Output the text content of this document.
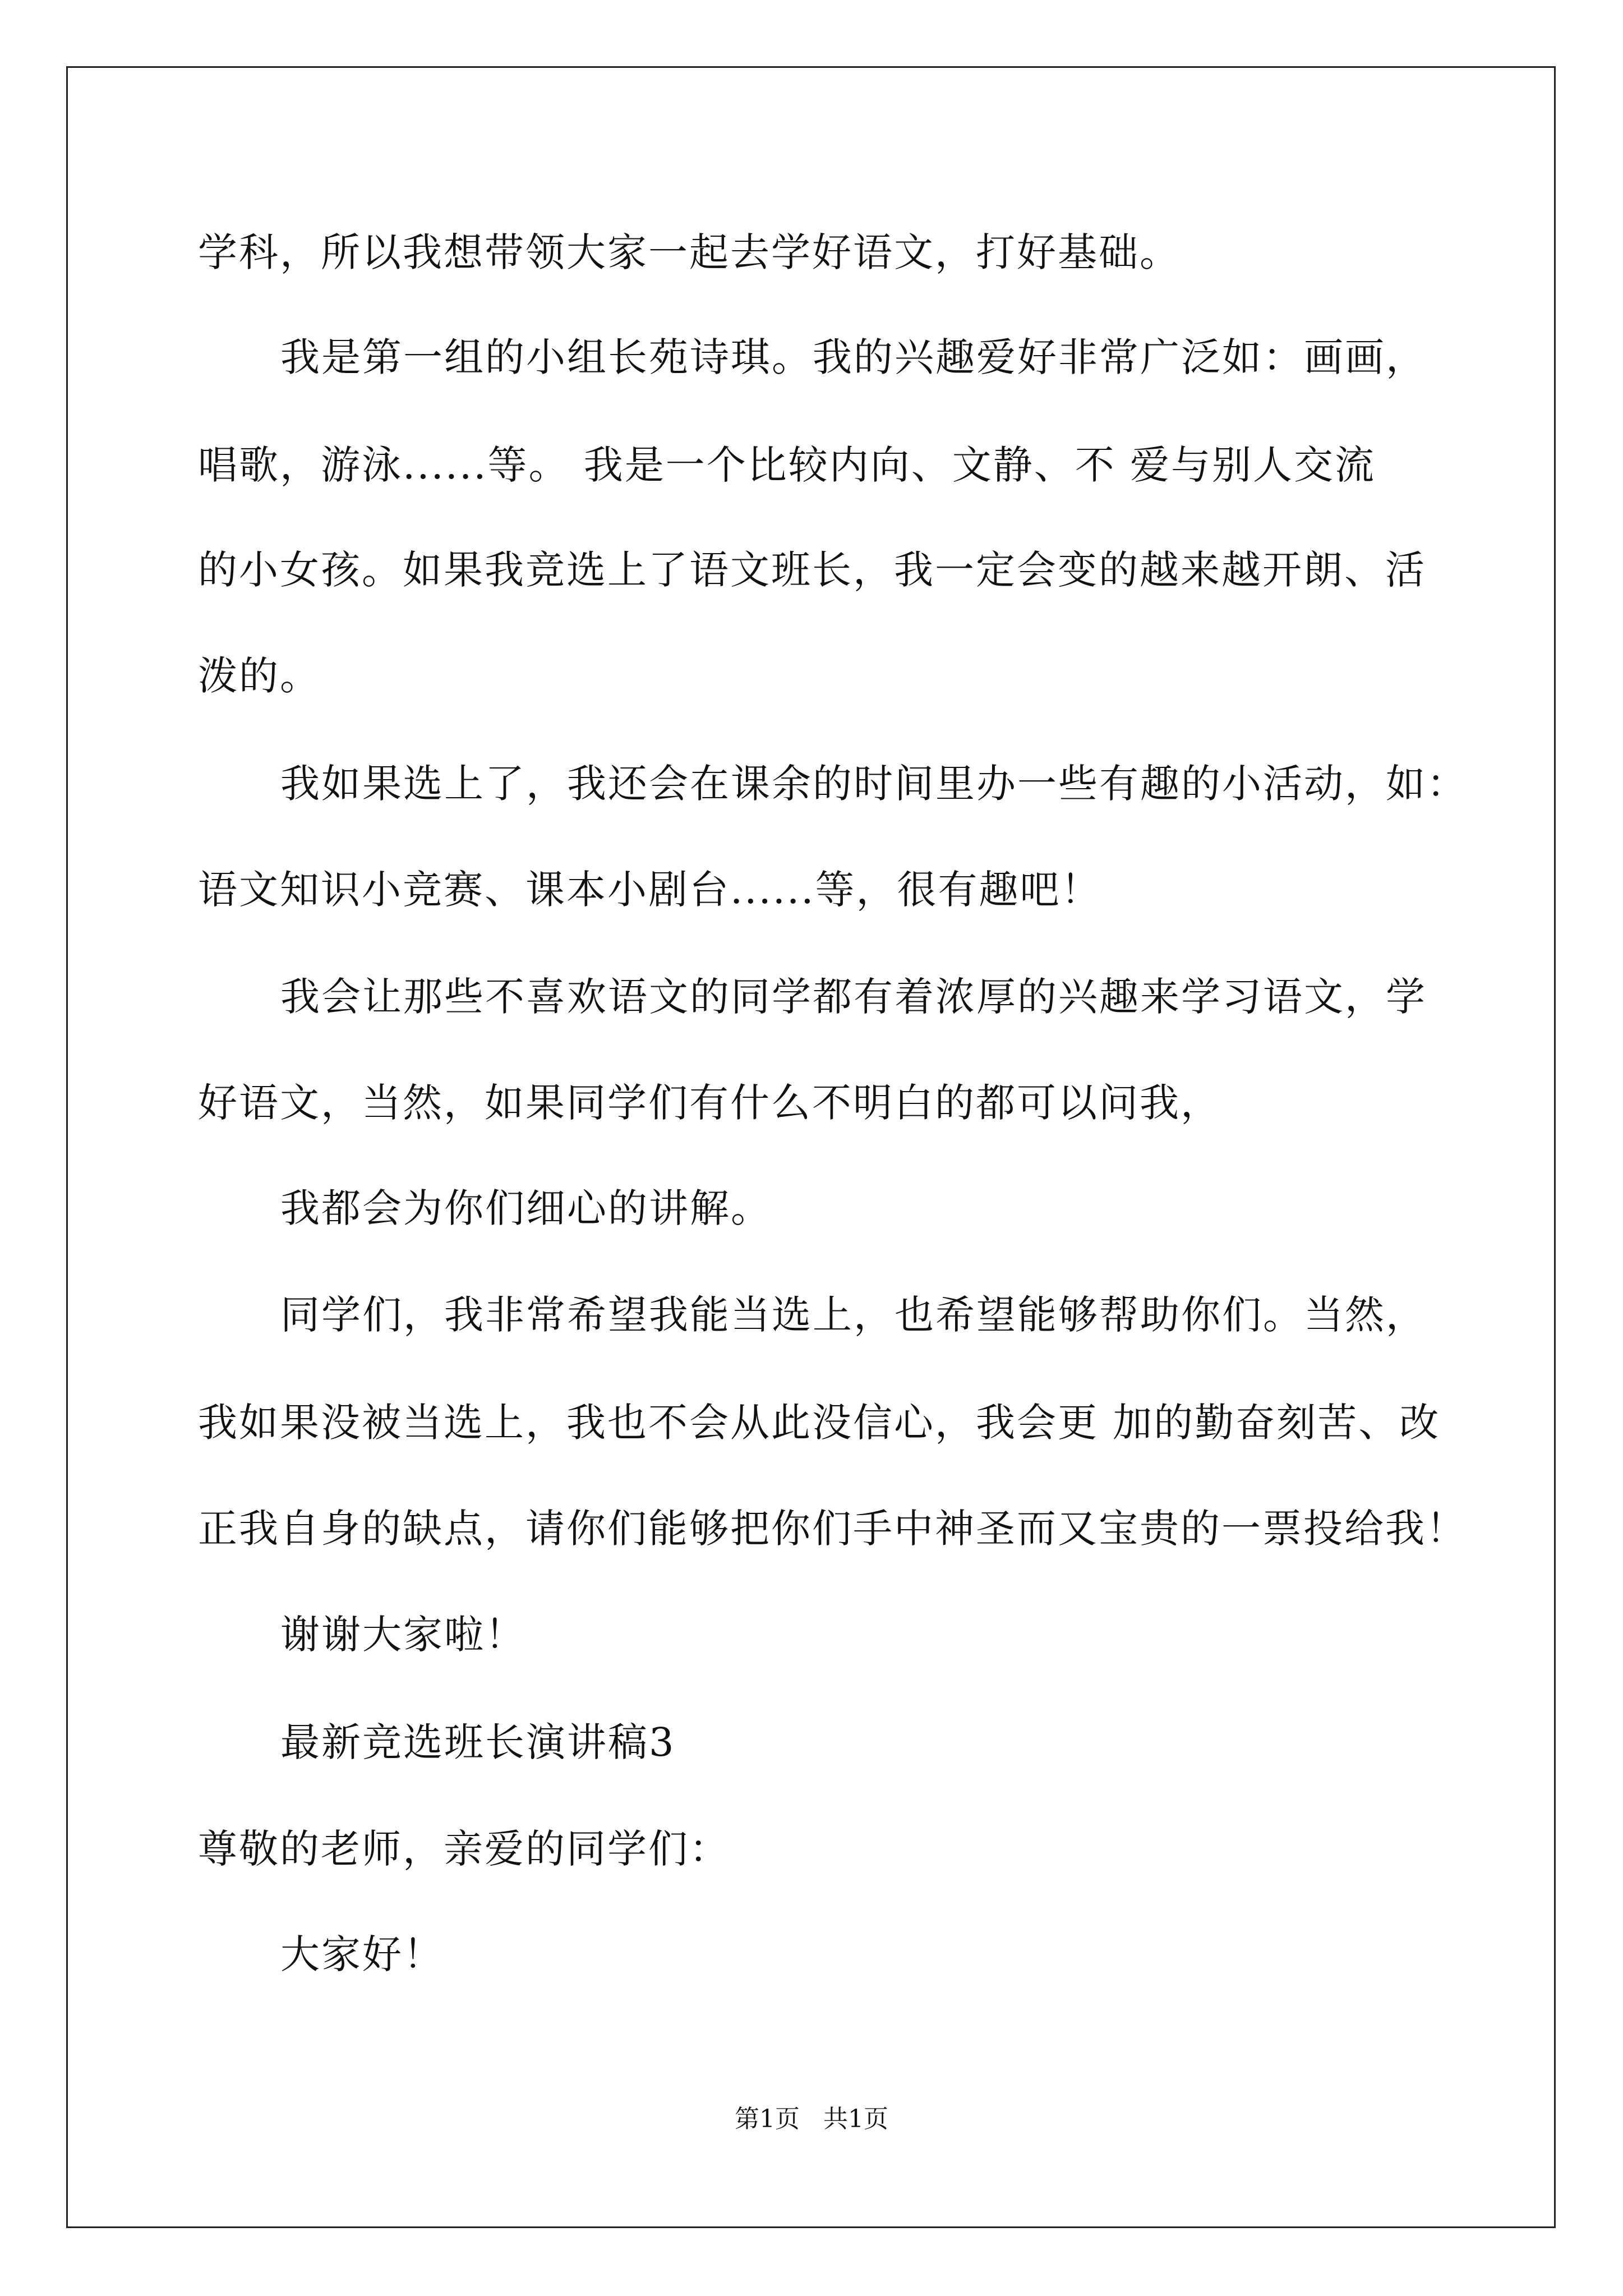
学科，所以我想带领大家一起去学好语文，打好基础。
我是第一组的小组长苑诗琪。我的兴趣爱好非常广泛如：画画，
唱歌，游泳......等。 我是一个比较内向、文静、不 爱与别人交流
的小女孩。如果我竞选上了语文班长，我一定会变的越来越开朗、活
泼的。
我如果选上了，我还会在课余的时间里办一些有趣的小活动，如：
语文知识小竞赛、课本小剧台......等，很有趣吧！
我会让那些不喜欢语文的同学都有着浓厚的兴趣来学习语文，学
好语文，当然，如果同学们有什么不明白的都可以问我，
我都会为你们细心的讲解。
同学们，我非常希望我能当选上，也希望能够帮助你们。当然，
我如果没被当选上，我也不会从此没信心，我会更 加的勤奋刻苦、改
正我自身的缺点，请你们能够把你们手中神圣而又宝贵的一票投给我！
谢谢大家啦！
最新竞选班长演讲稿3
尊敬的老师，亲爱的同学们：
大家好！
第1页   共1页
